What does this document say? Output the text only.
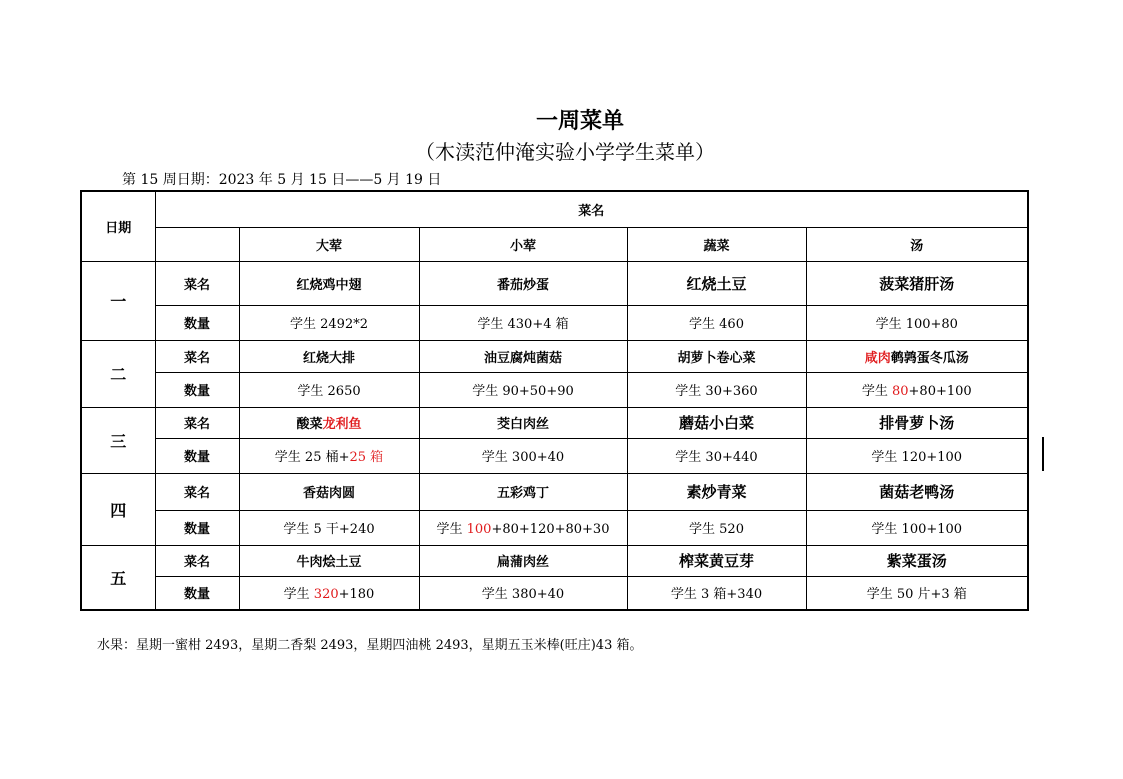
一周菜单
（木渎范仲淹实验小学学生菜单）
第 15 周日期：2023 年 5 月 15 日——5 月 19 日
日期	菜名				
		大荤	小荤	蔬菜	汤
一	菜名	红烧鸡中翅	番茄炒蛋	红烧土豆	菠菜猪肝汤
	数量	学生 2492*2	学生 430+4 箱	学生 460	学生 100+80
二	菜名	红烧大排	油豆腐炖菌菇	胡萝卜卷心菜	咸肉鹌鹑蛋冬瓜汤
	数量	学生 2650	学生 90+50+90	学生 30+360	学生 80+80+100
三	菜名	酸菜龙利鱼	茭白肉丝	蘑菇小白菜	排骨萝卜汤
	数量	学生 25 桶+25 箱	学生 300+40	学生 30+440	学生 120+100
四	菜名	香菇肉圆	五彩鸡丁	素炒青菜	菌菇老鸭汤
	数量	学生 5 干+240	学生 100+80+120+80+30	学生 520	学生 100+100
五	菜名	牛肉烩土豆	扁蒲肉丝	榨菜黄豆芽	紫菜蛋汤
	数量	学生 320+180	学生 380+40	学生 3 箱+340	学生 50 片+3 箱
水果：星期一蜜柑 2493，星期二香梨 2493，星期四油桃 2493，星期五玉米棒(旺庄)43 箱。
